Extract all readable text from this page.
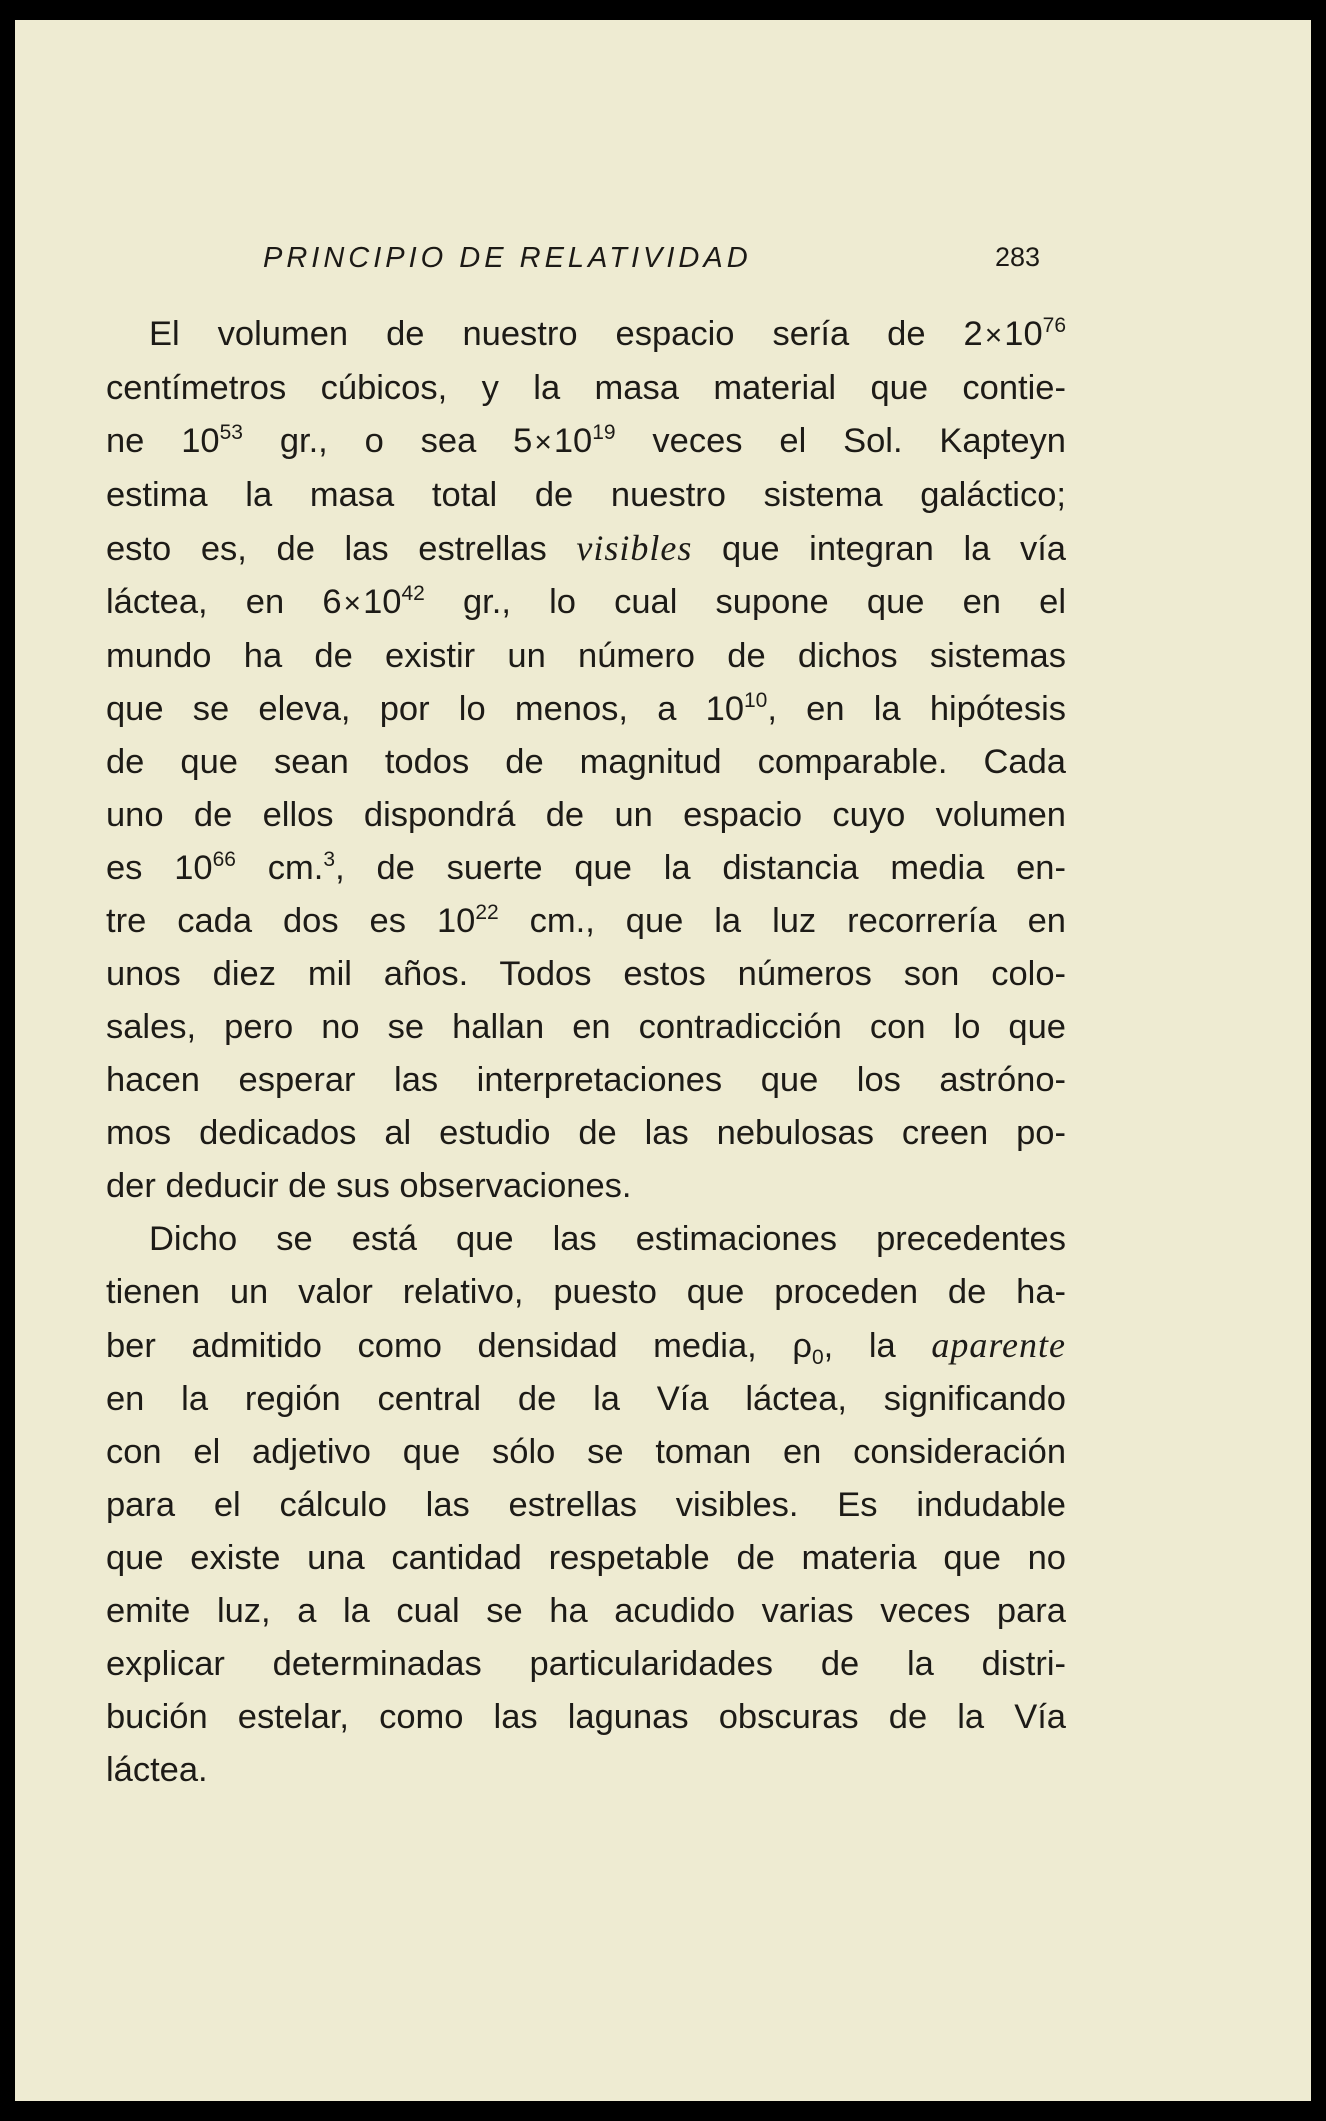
PRINCIPIO DE RELATIVIDAD	283
El volumen de nuestro espacio sería de $2\times 10^{76}$
centímetros cúbicos, y la masa material que contie-
ne $10^{53}$ gr., o sea $5\times 10^{19}$ veces el Sol. Kapteyn
estima la masa total de nuestro sistema galáctico;
esto es, de las estrellas visibles que integran la vía
láctea, en $6\times 10^{42}$ gr., lo cual supone que en el
mundo ha de existir un número de dichos sistemas
que se eleva, por lo menos, a $10^{10}$, en la hipótesis
de que sean todos de magnitud comparable. Cada
uno de ellos dispondrá de un espacio cuyo volumen
es $10^{66}$ cm.$^3$, de suerte que la distancia media en-
tre cada dos es $10^{22}$ cm., que la luz recorrería en
unos diez mil años. Todos estos números son colo-
sales, pero no se hallan en contradicción con lo que
hacen esperar las interpretaciones que los astróno-
mos dedicados al estudio de las nebulosas creen po-
der deducir de sus observaciones.
Dicho se está que las estimaciones precedentes
tienen un valor relativo, puesto que proceden de ha-
ber admitido como densidad media, $\rho_0$, la aparente
en la región central de la Vía láctea, significando
con el adjetivo que sólo se toman en consideración
para el cálculo las estrellas visibles. Es indudable
que existe una cantidad respetable de materia que no
emite luz, a la cual se ha acudido varias veces para
explicar determinadas particularidades de la distri-
bución estelar, como las lagunas obscuras de la Vía
láctea.
